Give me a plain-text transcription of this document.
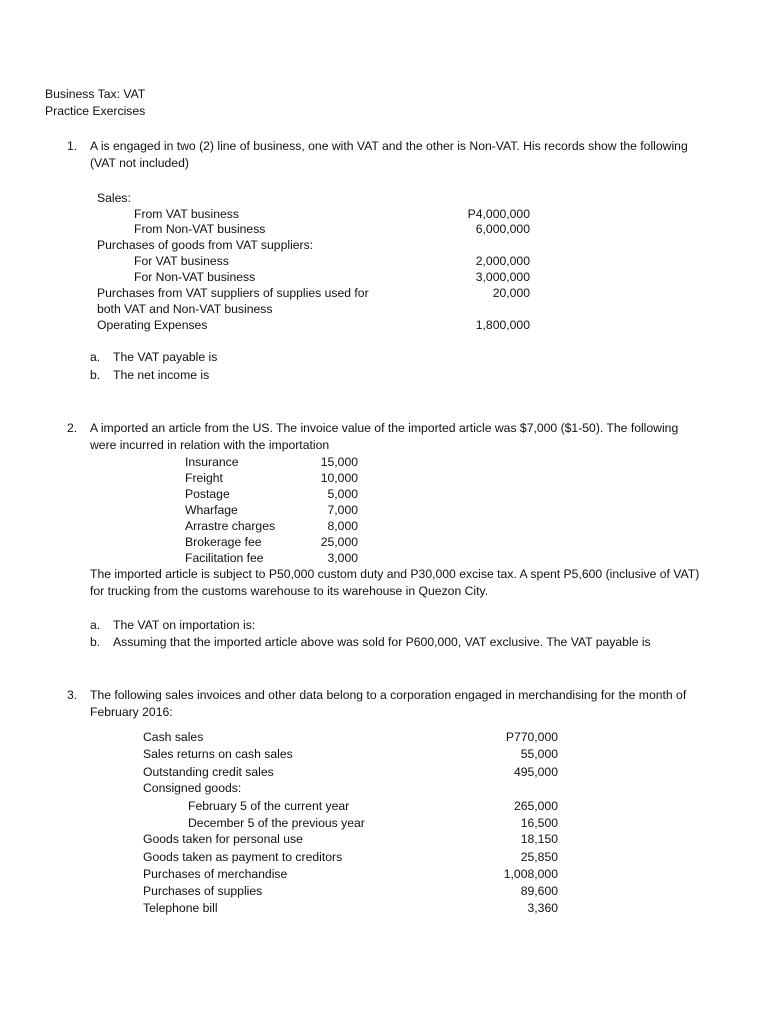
Business Tax: VAT
Practice Exercises
1. A is engaged in two (2) line of business, one with VAT and the other is Non-VAT. His records show the following
(VAT not included)
Sales:
From VAT business	P4,000,000
From Non-VAT business	6,000,000
Purchases of goods from VAT suppliers:
For VAT business	2,000,000
For Non-VAT business	3,000,000
Purchases from VAT suppliers of supplies used for	20,000
both VAT and Non-VAT business
Operating Expenses	1,800,000
a. The VAT payable is
b. The net income is
2. A imported an article from the US. The invoice value of the imported article was $7,000 ($1-50). The following
were incurred in relation with the importation
Insurance	15,000
Freight	10,000
Postage	5,000
Wharfage	7,000
Arrastre charges	8,000
Brokerage fee	25,000
Facilitation fee	3,000
The imported article is subject to P50,000 custom duty and P30,000 excise tax. A spent P5,600 (inclusive of VAT)
for trucking from the customs warehouse to its warehouse in Quezon City.
a. The VAT on importation is:
b. Assuming that the imported article above was sold for P600,000, VAT exclusive. The VAT payable is
3. The following sales invoices and other data belong to a corporation engaged in merchandising for the month of
February 2016:
Cash sales	P770,000
Sales returns on cash sales	55,000
Outstanding credit sales	495,000
Consigned goods:
February 5 of the current year	265,000
December 5 of the previous year	16,500
Goods taken for personal use	18,150
Goods taken as payment to creditors	25,850
Purchases of merchandise	1,008,000
Purchases of supplies	89,600
Telephone bill	3,360
